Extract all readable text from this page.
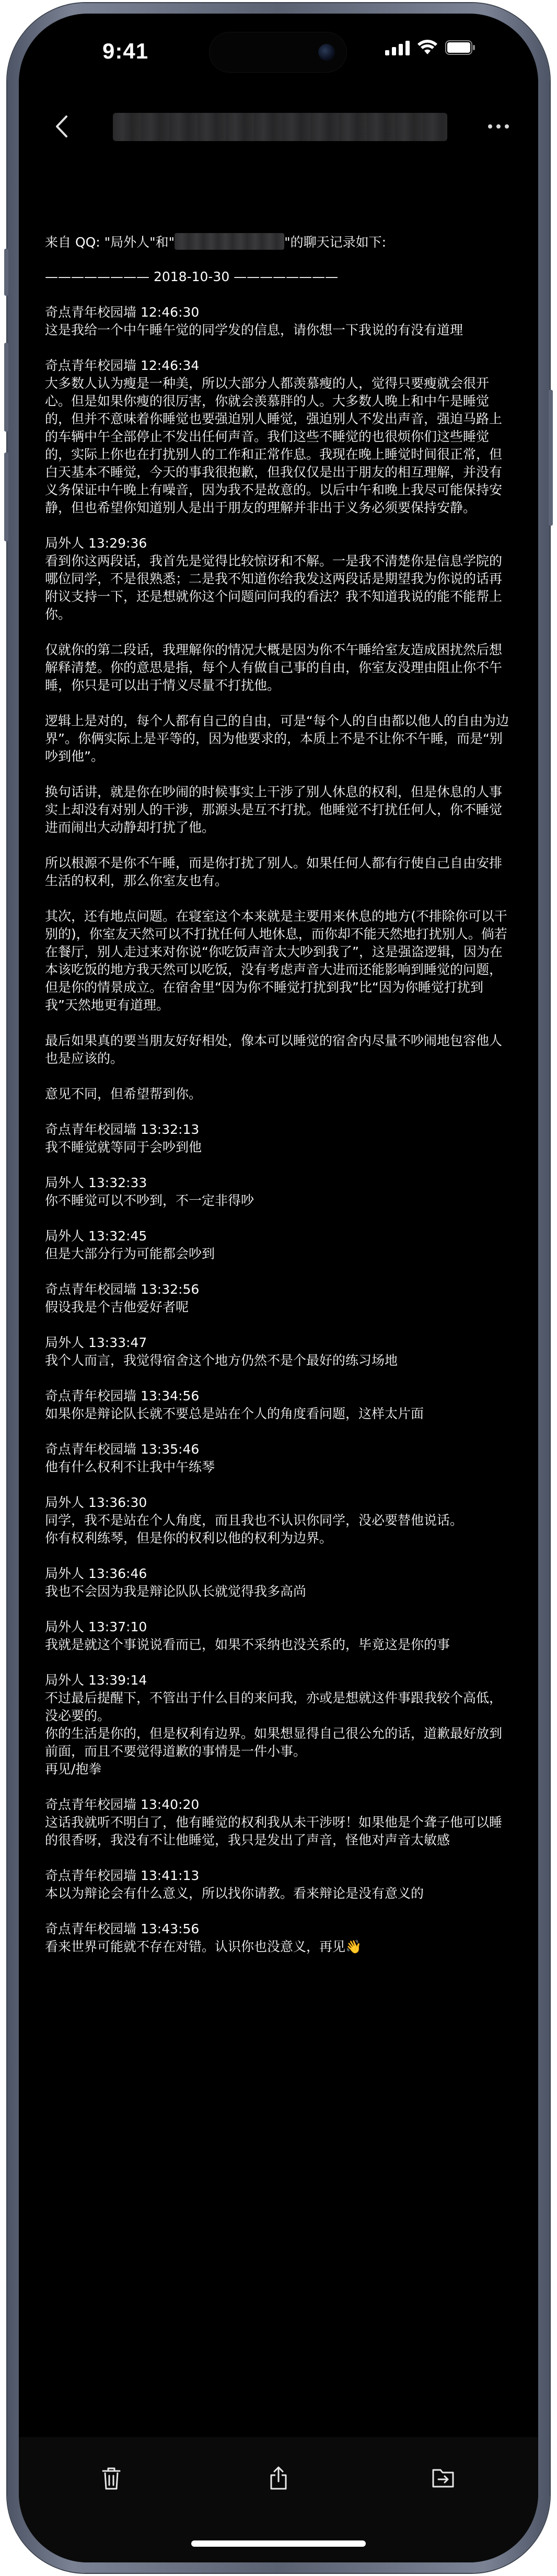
9:41
来自 QQ: "局外人"和"	"的聊天记录如下:
———————— 2018-10-30 ————————
奇点青年校园墙 12:46:30
这是我给一个中午睡午觉的同学发的信息，请你想一下我说的有没有道理
奇点青年校园墙 12:46:34
大多数人认为瘦是一种美，所以大部分人都羡慕瘦的人，觉得只要瘦就会很开心。但是如果你瘦的很厉害，你就会羡慕胖的人。大多数人晚上和中午是睡觉的，但并不意味着你睡觉也要强迫别人睡觉，强迫别人不发出声音，强迫马路上的车辆中午全部停止不发出任何声音。我们这些不睡觉的也很烦你们这些睡觉的，实际上你也在打扰别人的工作和正常作息。我现在晚上睡觉时间很正常，但白天基本不睡觉，今天的事我很抱歉，但我仅仅是出于朋友的相互理解，并没有义务保证中午晚上有噪音，因为我不是故意的。以后中午和晚上我尽可能保持安静，但也希望你知道别人是出于朋友的理解并非出于义务必须要保持安静。
局外人 13:29:36
看到你这两段话，我首先是觉得比较惊讶和不解。一是我不清楚你是信息学院的哪位同学，不是很熟悉；二是我不知道你给我发这两段话是期望我为你说的话再附议支持一下，还是想就你这个问题问问我的看法？我不知道我说的能不能帮上你。
仅就你的第二段话，我理解你的情况大概是因为你不午睡给室友造成困扰然后想解释清楚。你的意思是指，每个人有做自己事的自由，你室友没理由阻止你不午睡，你只是可以出于情义尽量不打扰他。
逻辑上是对的，每个人都有自己的自由，可是“每个人的自由都以他人的自由为边界”。你俩实际上是平等的，因为他要求的，本质上不是不让你不午睡，而是“别吵到他”。
换句话讲，就是你在吵闹的时候事实上干涉了别人休息的权利，但是休息的人事实上却没有对别人的干涉，那源头是互不打扰。他睡觉不打扰任何人，你不睡觉进而闹出大动静却打扰了他。
所以根源不是你不午睡，而是你打扰了别人。如果任何人都有行使自己自由安排生活的权利，那么你室友也有。
其次，还有地点问题。在寝室这个本来就是主要用来休息的地方(不排除你可以干别的)，你室友天然可以不打扰任何人地休息，而你却不能天然地打扰别人。倘若在餐厅，别人走过来对你说“你吃饭声音太大吵到我了”，这是强盗逻辑，因为在本该吃饭的地方我天然可以吃饭，没有考虑声音大进而还能影响到睡觉的问题，但是你的情景成立。在宿舍里“因为你不睡觉打扰到我”比“因为你睡觉打扰到我”天然地更有道理。
最后如果真的要当朋友好好相处，像本可以睡觉的宿舍内尽量不吵闹地包容他人也是应该的。
意见不同，但希望帮到你。
奇点青年校园墙 13:32:13
我不睡觉就等同于会吵到他
局外人 13:32:33
你不睡觉可以不吵到，不一定非得吵
局外人 13:32:45
但是大部分行为可能都会吵到
奇点青年校园墙 13:32:56
假设我是个吉他爱好者呢
局外人 13:33:47
我个人而言，我觉得宿舍这个地方仍然不是个最好的练习场地
奇点青年校园墙 13:34:56
如果你是辩论队长就不要总是站在个人的角度看问题，这样太片面
奇点青年校园墙 13:35:46
他有什么权利不让我中午练琴
局外人 13:36:30
同学，我不是站在个人角度，而且我也不认识你同学，没必要替他说话。
你有权利练琴，但是你的权利以他的权利为边界。
局外人 13:36:46
我也不会因为我是辩论队队长就觉得我多高尚
局外人 13:37:10
我就是就这个事说说看而已，如果不采纳也没关系的，毕竟这是你的事
局外人 13:39:14
不过最后提醒下，不管出于什么目的来问我，亦或是想就这件事跟我较个高低，没必要的。
你的生活是你的，但是权利有边界。如果想显得自己很公允的话，道歉最好放到前面，而且不要觉得道歉的事情是一件小事。
再见/抱拳
奇点青年校园墙 13:40:20
这话我就听不明白了，他有睡觉的权利我从未干涉呀！如果他是个聋子他可以睡的很香呀，我没有不让他睡觉，我只是发出了声音，怪他对声音太敏感
奇点青年校园墙 13:41:13
本以为辩论会有什么意义，所以找你请教。看来辩论是没有意义的
奇点青年校园墙 13:43:56
看来世界可能就不存在对错。认识你也没意义，再见👋
